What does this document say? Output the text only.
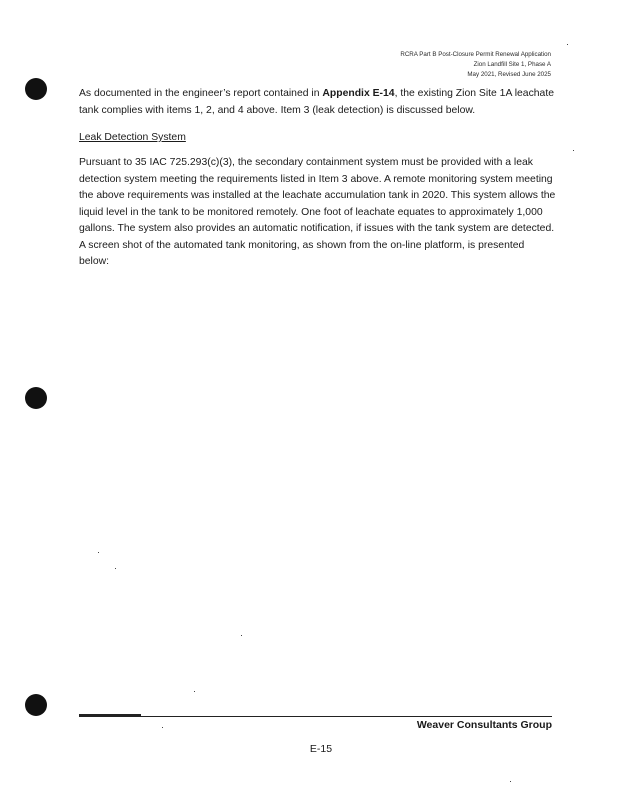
RCRA Part B Post-Closure Permit Renewal Application
Zion Landfill Site 1, Phase A
May 2021, Revised June 2025

As documented in the engineer’s report contained in Appendix E-14, the existing Zion Site 1A leachate tank complies with items 1, 2, and 4 above. Item 3 (leak detection) is discussed below.

Leak Detection System

Pursuant to 35 IAC 725.293(c)(3), the secondary containment system must be provided with a leak detection system meeting the requirements listed in Item 3 above. A remote monitoring system meeting the above requirements was installed at the leachate accumulation tank in 2020. This system allows the liquid level in the tank to be monitored remotely. One foot of leachate equates to approximately 1,000 gallons. The system also provides an automatic notification, if issues with the tank system are detected. A screen shot of the automated tank monitoring, as shown from the on-line platform, is presented below:

Weaver Consultants Group
E-15
